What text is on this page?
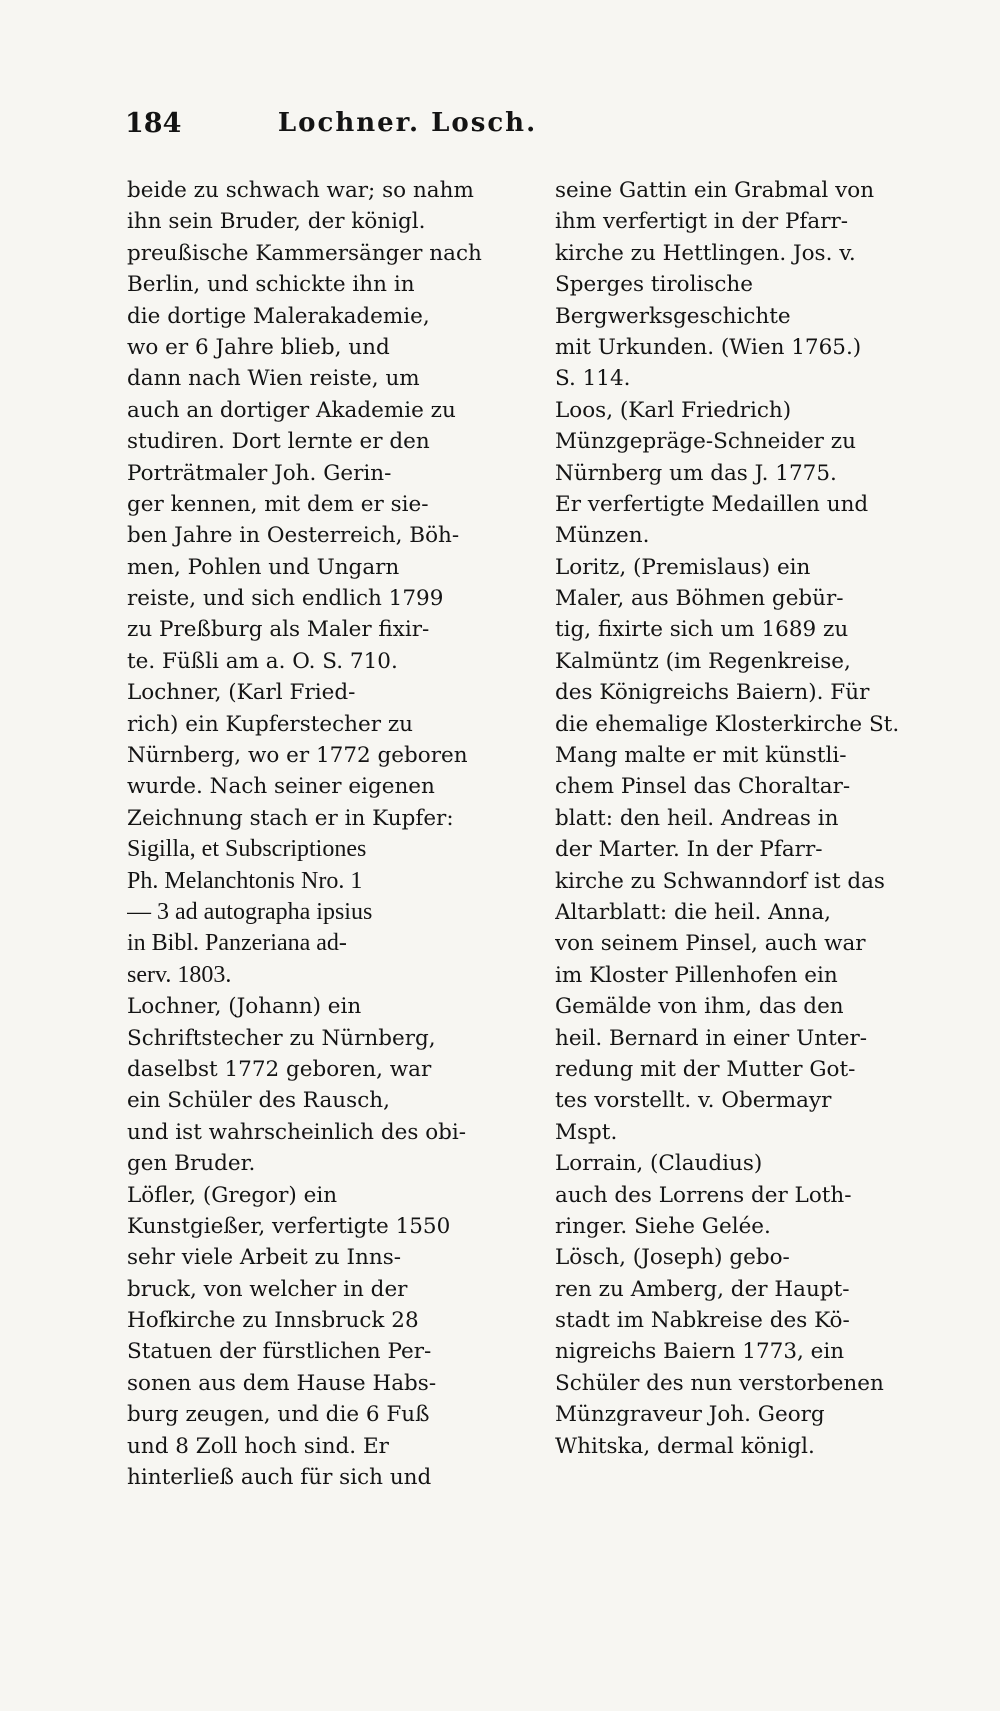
184	Lochner. Losch.
beide zu schwach war; so nahm
ihn sein Bruder, der königl.
preußische Kammersänger nach
Berlin, und schickte ihn in
die dortige Malerakademie,
wo er 6 Jahre blieb, und
dann nach Wien reiste, um
auch an dortiger Akademie zu
studiren. Dort lernte er den
Porträtmaler Joh. Gerin-
ger kennen, mit dem er sie-
ben Jahre in Oesterreich, Böh-
men, Pohlen und Ungarn
reiste, und sich endlich 1799
zu Preßburg als Maler fixir-
te. Füßli am a. O. S. 710.
Lochner, (Karl Fried-
rich) ein Kupferstecher zu
Nürnberg, wo er 1772 geboren
wurde. Nach seiner eigenen
Zeichnung stach er in Kupfer:
Sigilla, et Subscriptiones
Ph. Melanchtonis Nro. 1
— 3 ad autographa ipsius
in Bibl. Panzeriana ad-
serv. 1803.
Lochner, (Johann) ein
Schriftstecher zu Nürnberg,
daselbst 1772 geboren, war
ein Schüler des Rausch,
und ist wahrscheinlich des obi-
gen Bruder.
Löfler, (Gregor) ein
Kunstgießer, verfertigte 1550
sehr viele Arbeit zu Inns-
bruck, von welcher in der
Hofkirche zu Innsbruck 28
Statuen der fürstlichen Per-
sonen aus dem Hause Habs-
burg zeugen, und die 6 Fuß
und 8 Zoll hoch sind. Er
hinterließ auch für sich und
seine Gattin ein Grabmal von
ihm verfertigt in der Pfarr-
kirche zu Hettlingen. Jos. v.
Sperges tirolische
Bergwerksgeschichte
mit Urkunden. (Wien 1765.)
S. 114.
Loos, (Karl Friedrich)
Münzgepräge-Schneider zu
Nürnberg um das J. 1775.
Er verfertigte Medaillen und
Münzen.
Loritz, (Premislaus) ein
Maler, aus Böhmen gebür-
tig, fixirte sich um 1689 zu
Kalmüntz (im Regenkreise,
des Königreichs Baiern). Für
die ehemalige Klosterkirche St.
Mang malte er mit künstli-
chem Pinsel das Choraltar-
blatt: den heil. Andreas in
der Marter. In der Pfarr-
kirche zu Schwanndorf ist das
Altarblatt: die heil. Anna,
von seinem Pinsel, auch war
im Kloster Pillenhofen ein
Gemälde von ihm, das den
heil. Bernard in einer Unter-
redung mit der Mutter Got-
tes vorstellt. v. Obermayr
Mspt.
Lorrain, (Claudius)
auch des Lorrens der Loth-
ringer. Siehe Gelée.
Lösch, (Joseph) gebo-
ren zu Amberg, der Haupt-
stadt im Nabkreise des Kö-
nigreichs Baiern 1773, ein
Schüler des nun verstorbenen
Münzgraveur Joh. Georg
Whitska, dermal königl.
